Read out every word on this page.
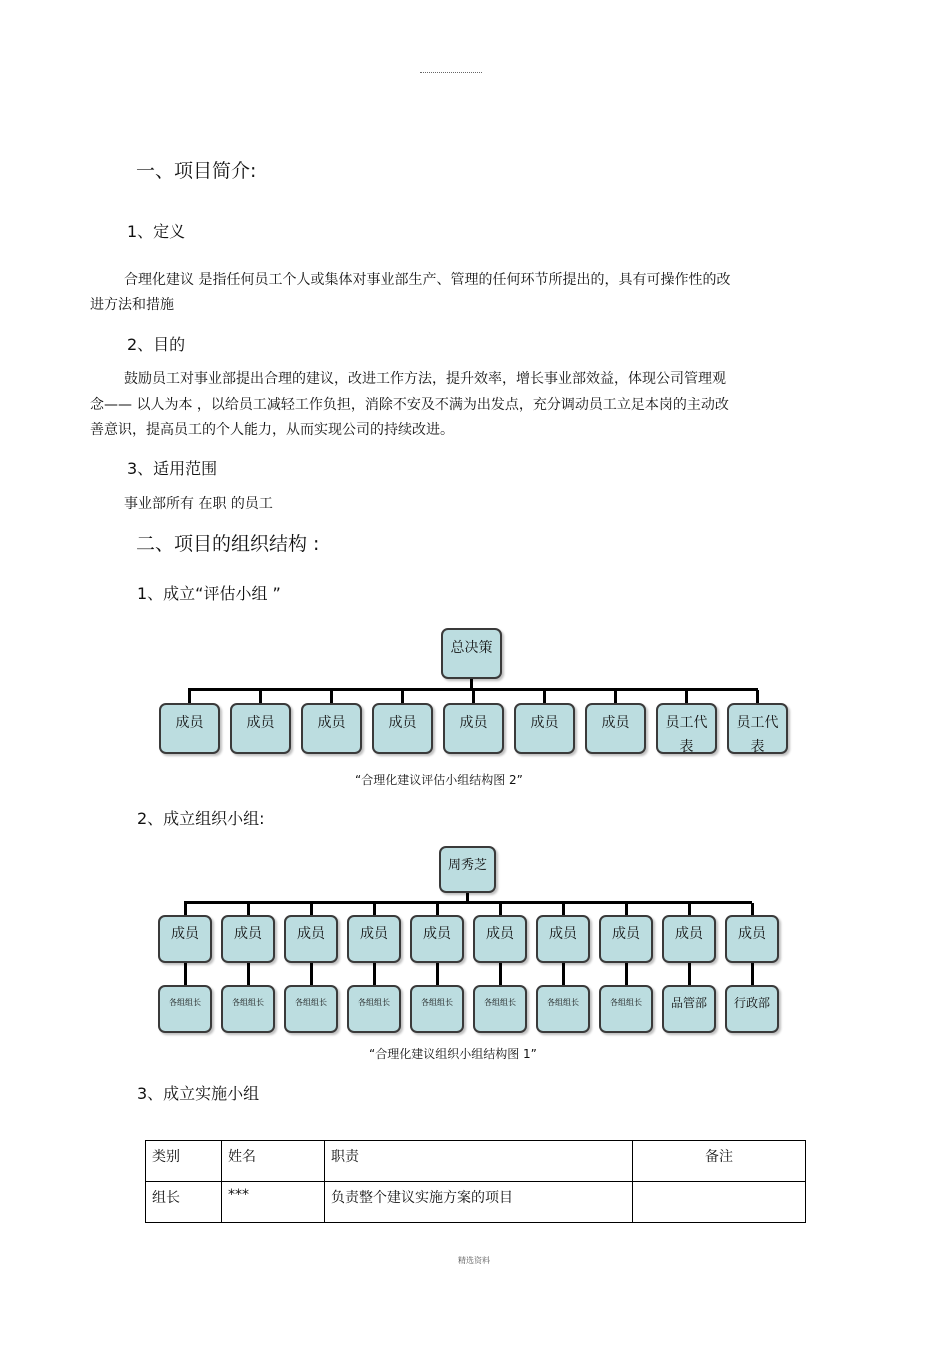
一、项目简介:
1、定义
合理化建议 是指任何员工个人或集体对事业部生产、管理的任何环节所提出的，具有可操作性的改
进方法和措施
2、目的
鼓励员工对事业部提出合理的建议，改进工作方法，提升效率，增长事业部效益，体现公司管理观
念—— 以人为本 ，以给员工减轻工作负担，消除不安及不满为出发点，充分调动员工立足本岗的主动改
善意识，提高员工的个人能力，从而实现公司的持续改进。
3、适用范围
事业部所有 在职 的员工
二、项目的组织结构 :
1、成立“评估小组 ”
总决策
成员	成员	成员	成员	成员	成员	成员	员工代表
员工代表
“合理化建议评估小组结构图 2”
2、成立组织小组:
周秀芝
成员
各组组长
成员
各组组长
成员
各组组长
成员
各组组长
成员
各组组长
成员
各组组长
成员
各组组长
成员
各组组长
成员
品管部
成员
行政部
“合理化建议组织小组结构图 1”
3、成立实施小组
类别	姓名	职责	备注
组长	***	负责整个建议实施方案的项目	
精选资料
